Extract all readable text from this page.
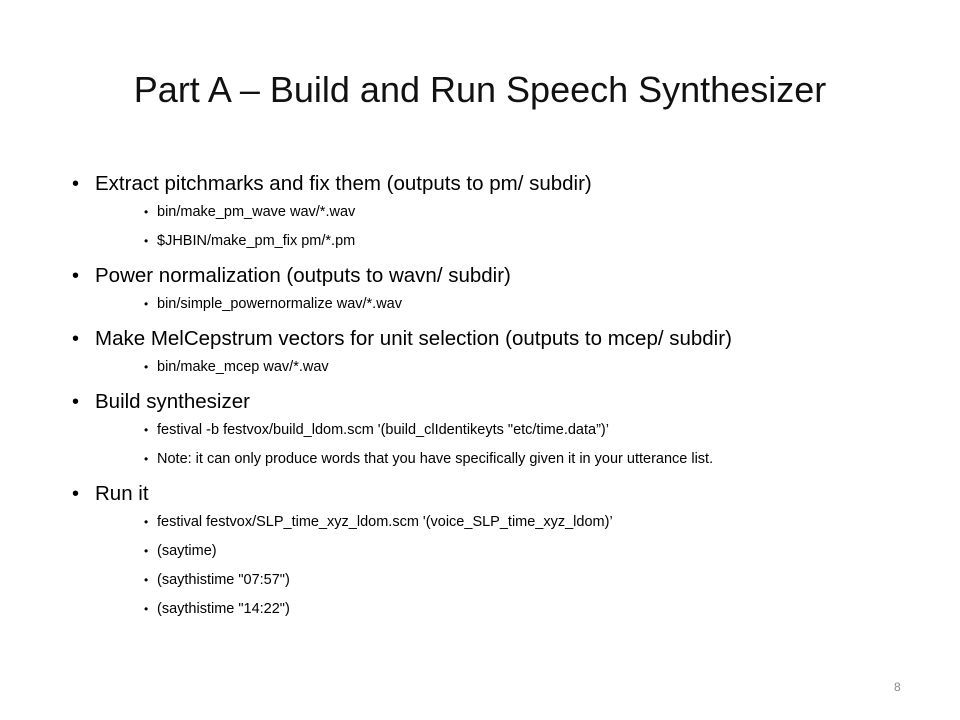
Part A – Build and Run Speech Synthesizer
• Extract pitchmarks and fix them (outputs to pm/ subdir)
• bin/make_pm_wave wav/*.wav
• $JHBIN/make_pm_fix pm/*.pm
• Power normalization (outputs to wavn/ subdir)
• bin/simple_powernormalize wav/*.wav
• Make MelCepstrum vectors for unit selection (outputs to mcep/ subdir)
• bin/make_mcep wav/*.wav
• Build synthesizer
• festival -b festvox/build_ldom.scm '(build_clIdentikeyts "etc/time.data”)’
• Note: it can only produce words that you have specifically given it in your utterance list.
• Run it
• festival festvox/SLP_time_xyz_ldom.scm '(voice_SLP_time_xyz_ldom)’
• (saytime)
• (saythistime "07:57")
• (saythistime "14:22")
8
